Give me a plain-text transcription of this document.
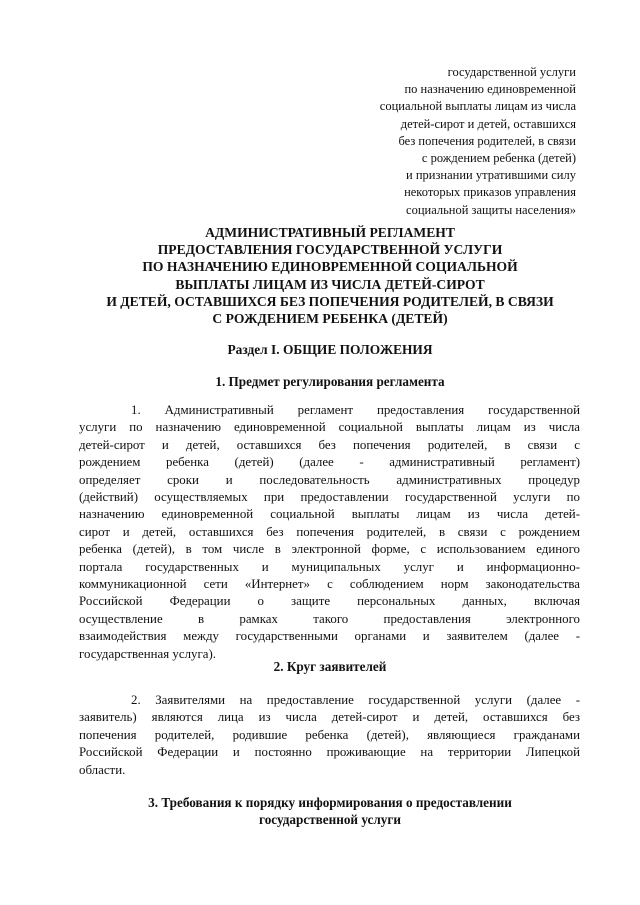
государственной услуги
по назначению единовременной
социальной выплаты лицам из числа
детей-сирот и детей, оставшихся
без попечения родителей, в связи
с рождением ребенка (детей)
и признании утратившими силу
некоторых приказов управления
социальной защиты населения»
АДМИНИСТРАТИВНЫЙ РЕГЛАМЕНТ
ПРЕДОСТАВЛЕНИЯ ГОСУДАРСТВЕННОЙ УСЛУГИ
ПО НАЗНАЧЕНИЮ ЕДИНОВРЕМЕННОЙ СОЦИАЛЬНОЙ
ВЫПЛАТЫ ЛИЦАМ ИЗ ЧИСЛА ДЕТЕЙ-СИРОТ
И ДЕТЕЙ, ОСТАВШИХСЯ БЕЗ ПОПЕЧЕНИЯ РОДИТЕЛЕЙ, В СВЯЗИ
С РОЖДЕНИЕМ РЕБЕНКА (ДЕТЕЙ)
Раздел I. ОБЩИЕ ПОЛОЖЕНИЯ
1. Предмет регулирования регламента
1. Административный регламент предоставления государственной
услуги по назначению единовременной социальной выплаты лицам из числа
детей-сирот и детей, оставшихся без попечения родителей, в связи с
рождением ребенка (детей) (далее - административный регламент)
определяет сроки и последовательность административных процедур
(действий) осуществляемых при предоставлении государственной услуги по
назначению единовременной социальной выплаты лицам из числа детей-
сирот и детей, оставшихся без попечения родителей, в связи с рождением
ребенка (детей), в том числе в электронной форме, с использованием единого
портала государственных и муниципальных услуг и информационно-
коммуникационной сети «Интернет» с соблюдением норм законодательства
Российской Федерации о защите персональных данных, включая
осуществление в рамках такого предоставления электронного
взаимодействия между государственными органами и заявителем (далее -
государственная услуга).
2. Круг заявителей
2. Заявителями на предоставление государственной услуги (далее -
заявитель) являются лица из числа детей-сирот и детей, оставшихся без
попечения родителей, родившие ребенка (детей), являющиеся гражданами
Российской Федерации и постоянно проживающие на территории Липецкой
области.
3. Требования к порядку информирования о предоставлении
государственной услуги
